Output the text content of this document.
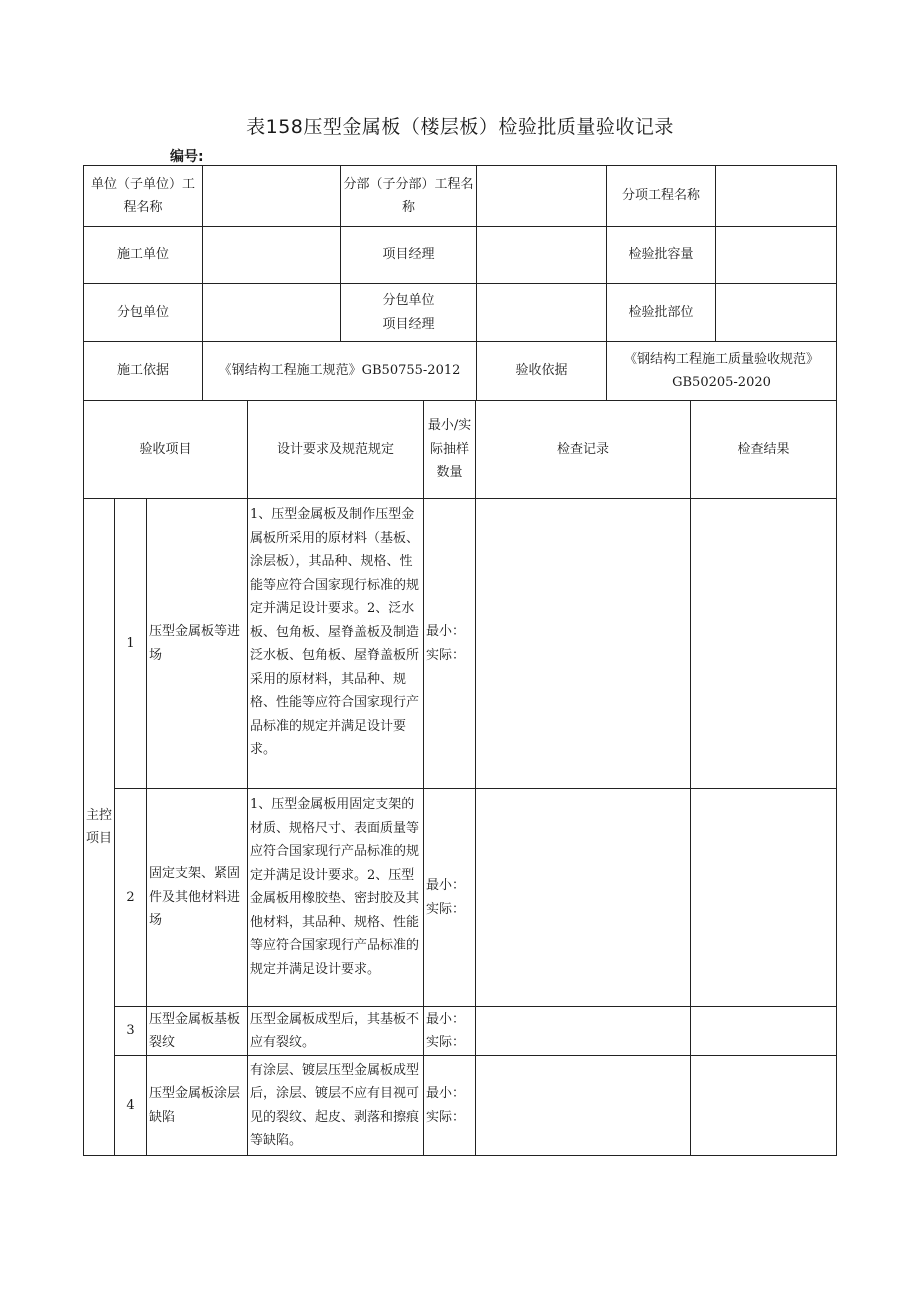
表158压型金属板（楼层板）检验批质量验收记录
编号:
单位（子单位）工程名称		分部（子分部）工程名称		分项工程名称	
施工单位		项目经理		检验批容量	
分包单位		分包单位项目经理		检验批部位	
施工依据	《钢结构工程施工规范》GB50755-2012		验收依据	《钢结构工程施工质量验收规范》GB50205-2020	
验收项目			设计要求及规范规定	最小/实际抽样数量	检查记录	检查结果
主控项目	1	压型金属板等进场	1、压型金属板及制作压型金属板所采用的原材料（基板、涂层板），其品种、规格、性能等应符合国家现行标准的规定并满足设计要求。2、泛水板、包角板、屋脊盖板及制造泛水板、包角板、屋脊盖板所采用的原材料，其品种、规格、性能等应符合国家现行产品标准的规定并满足设计要求。	最小：实际：		
	2	固定支架、紧固件及其他材料进场	1、压型金属板用固定支架的材质、规格尺寸、表面质量等应符合国家现行产品标准的规定并满足设计要求。2、压型金属板用橡胶垫、密封胶及其他材料，其品种、规格、性能等应符合国家现行产品标准的规定并满足设计要求。	最小：实际：		
	3	压型金属板基板裂纹	压型金属板成型后，其基板不应有裂纹。	最小：实际：		
	4	压型金属板涂层缺陷	有涂层、镀层压型金属板成型后，涂层、镀层不应有目视可见的裂纹、起皮、剥落和擦痕等缺陷。	最小：实际：		
